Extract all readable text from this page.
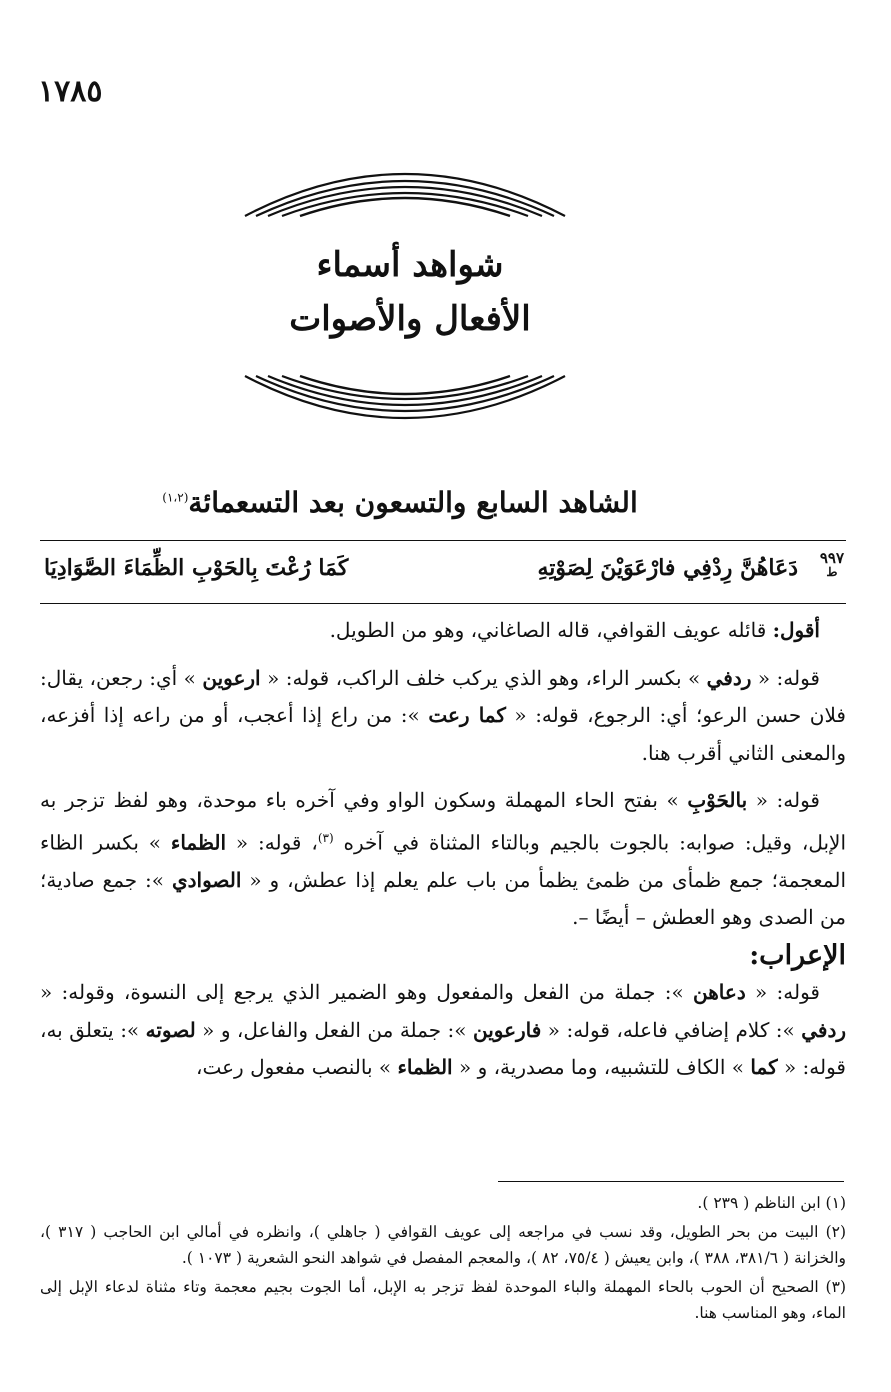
١٧٨٥
شواهد أسماء
الأفعال والأصوات
الشاهد السابع والتسعون بعد التسعمائة$^{(١،٢)}$
٩٩٧
ط
دَعَاهُنَّ رِدْفِي فارْعَوَيْنَ لِصَوْتِهِ
كَمَا رُعْتَ بِالحَوْبِ الظِّمَاءَ الصَّوَادِيَا

أقول: قائله عويف القوافي، قاله الصاغاني، وهو من الطويل.

قوله: « ردفي » بكسر الراء، وهو الذي يركب خلف الراكب، قوله: « ارعوين » أي: رجعن، يقال: فلان حسن الرعو؛ أي: الرجوع، قوله: « كما رعت »: من راع إذا أعجب، أو من راعه إذا أفزعه، والمعنى الثاني أقرب هنا.

قوله: « بالحَوْبِ » بفتح الحاء المهملة وسكون الواو وفي آخره باء موحدة، وهو لفظ تزجر به الإبل، وقيل: صوابه: بالجوت بالجيم وبالتاء المثناة في آخره $^{(٣)}$، قوله: « الظماء » بكسر الظاء المعجمة؛ جمع ظمأى من ظمئ يظمأ من باب علم يعلم إذا عطش، و « الصوادي »: جمع صادية؛ من الصدى وهو العطش – أيضًا –.

الإعراب:

قوله: « دعاهن »: جملة من الفعل والمفعول وهو الضمير الذي يرجع إلى النسوة، وقوله: « ردفي »: كلام إضافي فاعله، قوله: « فارعوين »: جملة من الفعل والفاعل، و « لصوته »: يتعلق به، قوله: « كما » الكاف للتشبيه، وما مصدرية، و « الظماء » بالنصب مفعول رعت،

(١) ابن الناظم ( ٢٣٩ ).

(٢) البيت من بحر الطويل، وقد نسب في مراجعه إلى عويف القوافي ( جاهلي )، وانظره في أمالي ابن الحاجب ( ٣١٧ )، والخزانة ( ٣٨١/٦، ٣٨٨ )، وابن يعيش ( ٧٥/٤، ٨٢ )، والمعجم المفصل في شواهد النحو الشعرية ( ١٠٧٣ ).

(٣) الصحيح أن الحوب بالحاء المهملة والباء الموحدة لفظ تزجر به الإبل، أما الجوت بجيم معجمة وتاء مثناة لدعاء الإبل إلى الماء، وهو المناسب هنا.
